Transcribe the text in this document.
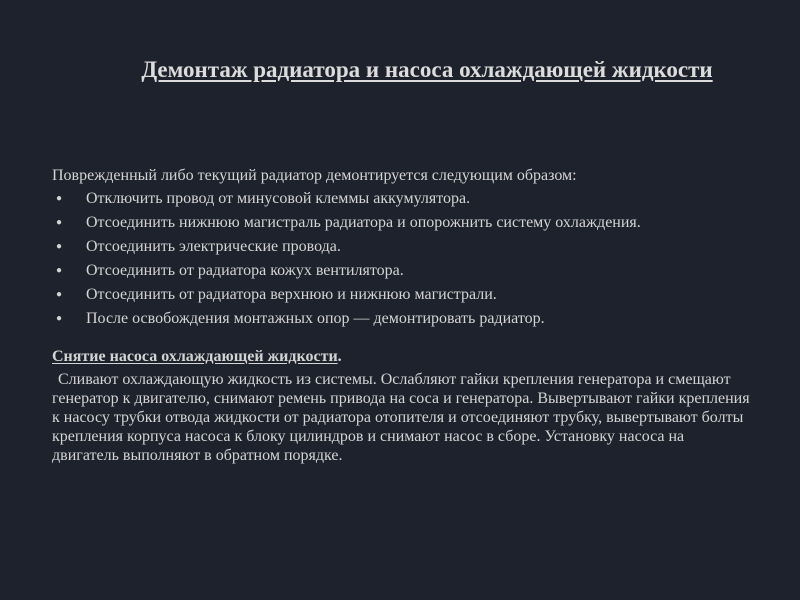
Демонтаж радиатора и насоса охлаждающей жидкости

Поврежденный либо текущий радиатор демонтируется следующим образом:

● Отключить провод от минусовой клеммы аккумулятора.
● Отсоединить нижнюю магистраль радиатора и опорожнить систему охлаждения.
● Отсоединить электрические провода.
● Отсоединить от радиатора кожух вентилятора.
● Отсоединить от радиатора верхнюю и нижнюю магистрали.
● После освобождения монтажных опор — демонтировать радиатор.

Снятие насоса охлаждающей жидкости.

Сливают охлаждающую жидкость из системы. Ослабляют гайки крепления генератора и смещают генератор к двигателю, снимают ремень привода на соса и генератора. Вывертывают гайки крепления к насосу трубки отвода жидкости от радиатора отопителя и отсоединяют трубку, вывертывают болты крепления корпуса насоса к блоку цилиндров и снимают насос в сборе. Установку насоса на двигатель выполняют в обратном порядке.
